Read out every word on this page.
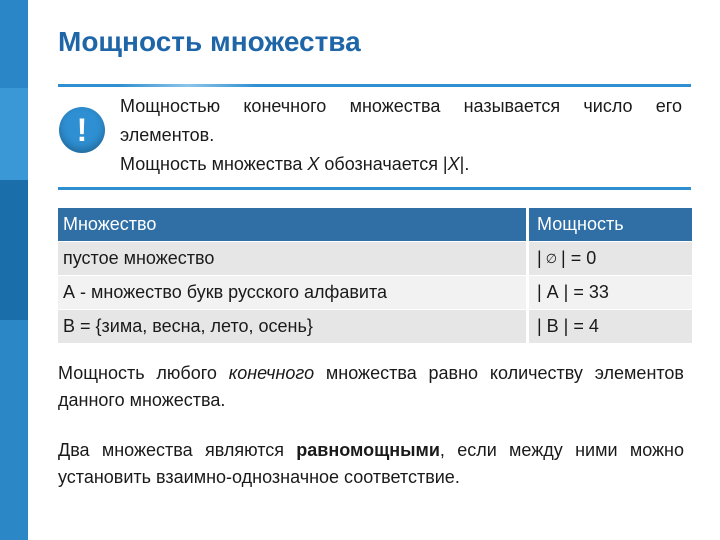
Мощность множества
!

Мощностью конечного множества называется число его элементов.

Мощность множества X обозначается |X|.

Множество	Мощность
пустое множество	| ∅ | = 0
А - множество букв русского алфавита	| А | = 33
В = {зима, весна, лето, осень}	| В | = 4

Мощность любого конечного множества равно количеству элементов данного множества.

Два множества являются равномощными, если между ними можно установить взаимно-однозначное соответствие.
